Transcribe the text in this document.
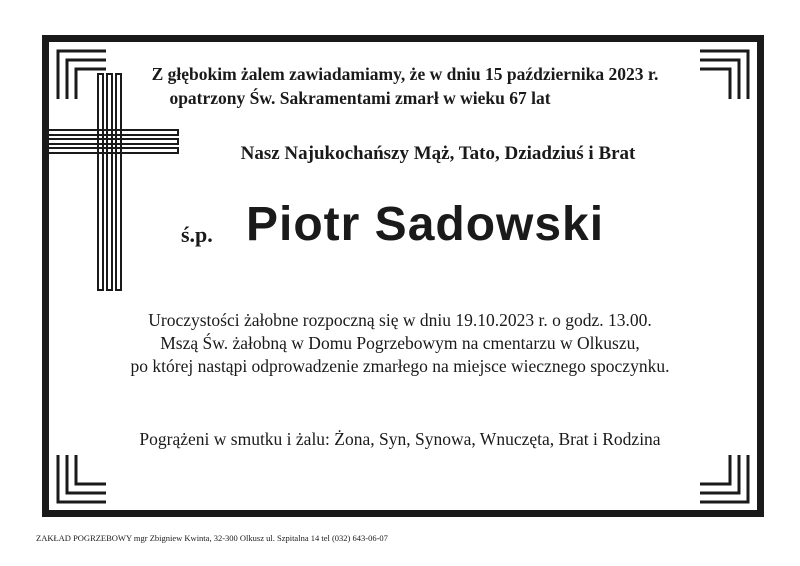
Z głębokim żalem zawiadamiamy, że w dniu 15 października 2023 r.
opatrzony Św. Sakramentami zmarł w wieku 67 lat
Nasz Najukochańszy Mąż, Tato, Dziadziuś i Brat
ś.p. Piotr Sadowski
Uroczystości żałobne rozpoczną się w dniu 19.10.2023 r. o godz. 13.00.
Mszą Św. żałobną w Domu Pogrzebowym na cmentarzu w Olkuszu,
po której nastąpi odprowadzenie zmarłego na miejsce wiecznego spoczynku.
Pogrążeni w smutku i żalu: Żona, Syn, Synowa, Wnuczęta, Brat i Rodzina
ZAKŁAD POGRZEBOWY mgr Zbigniew Kwinta, 32-300 Olkusz ul. Szpitalna 14 tel (032) 643-06-07
